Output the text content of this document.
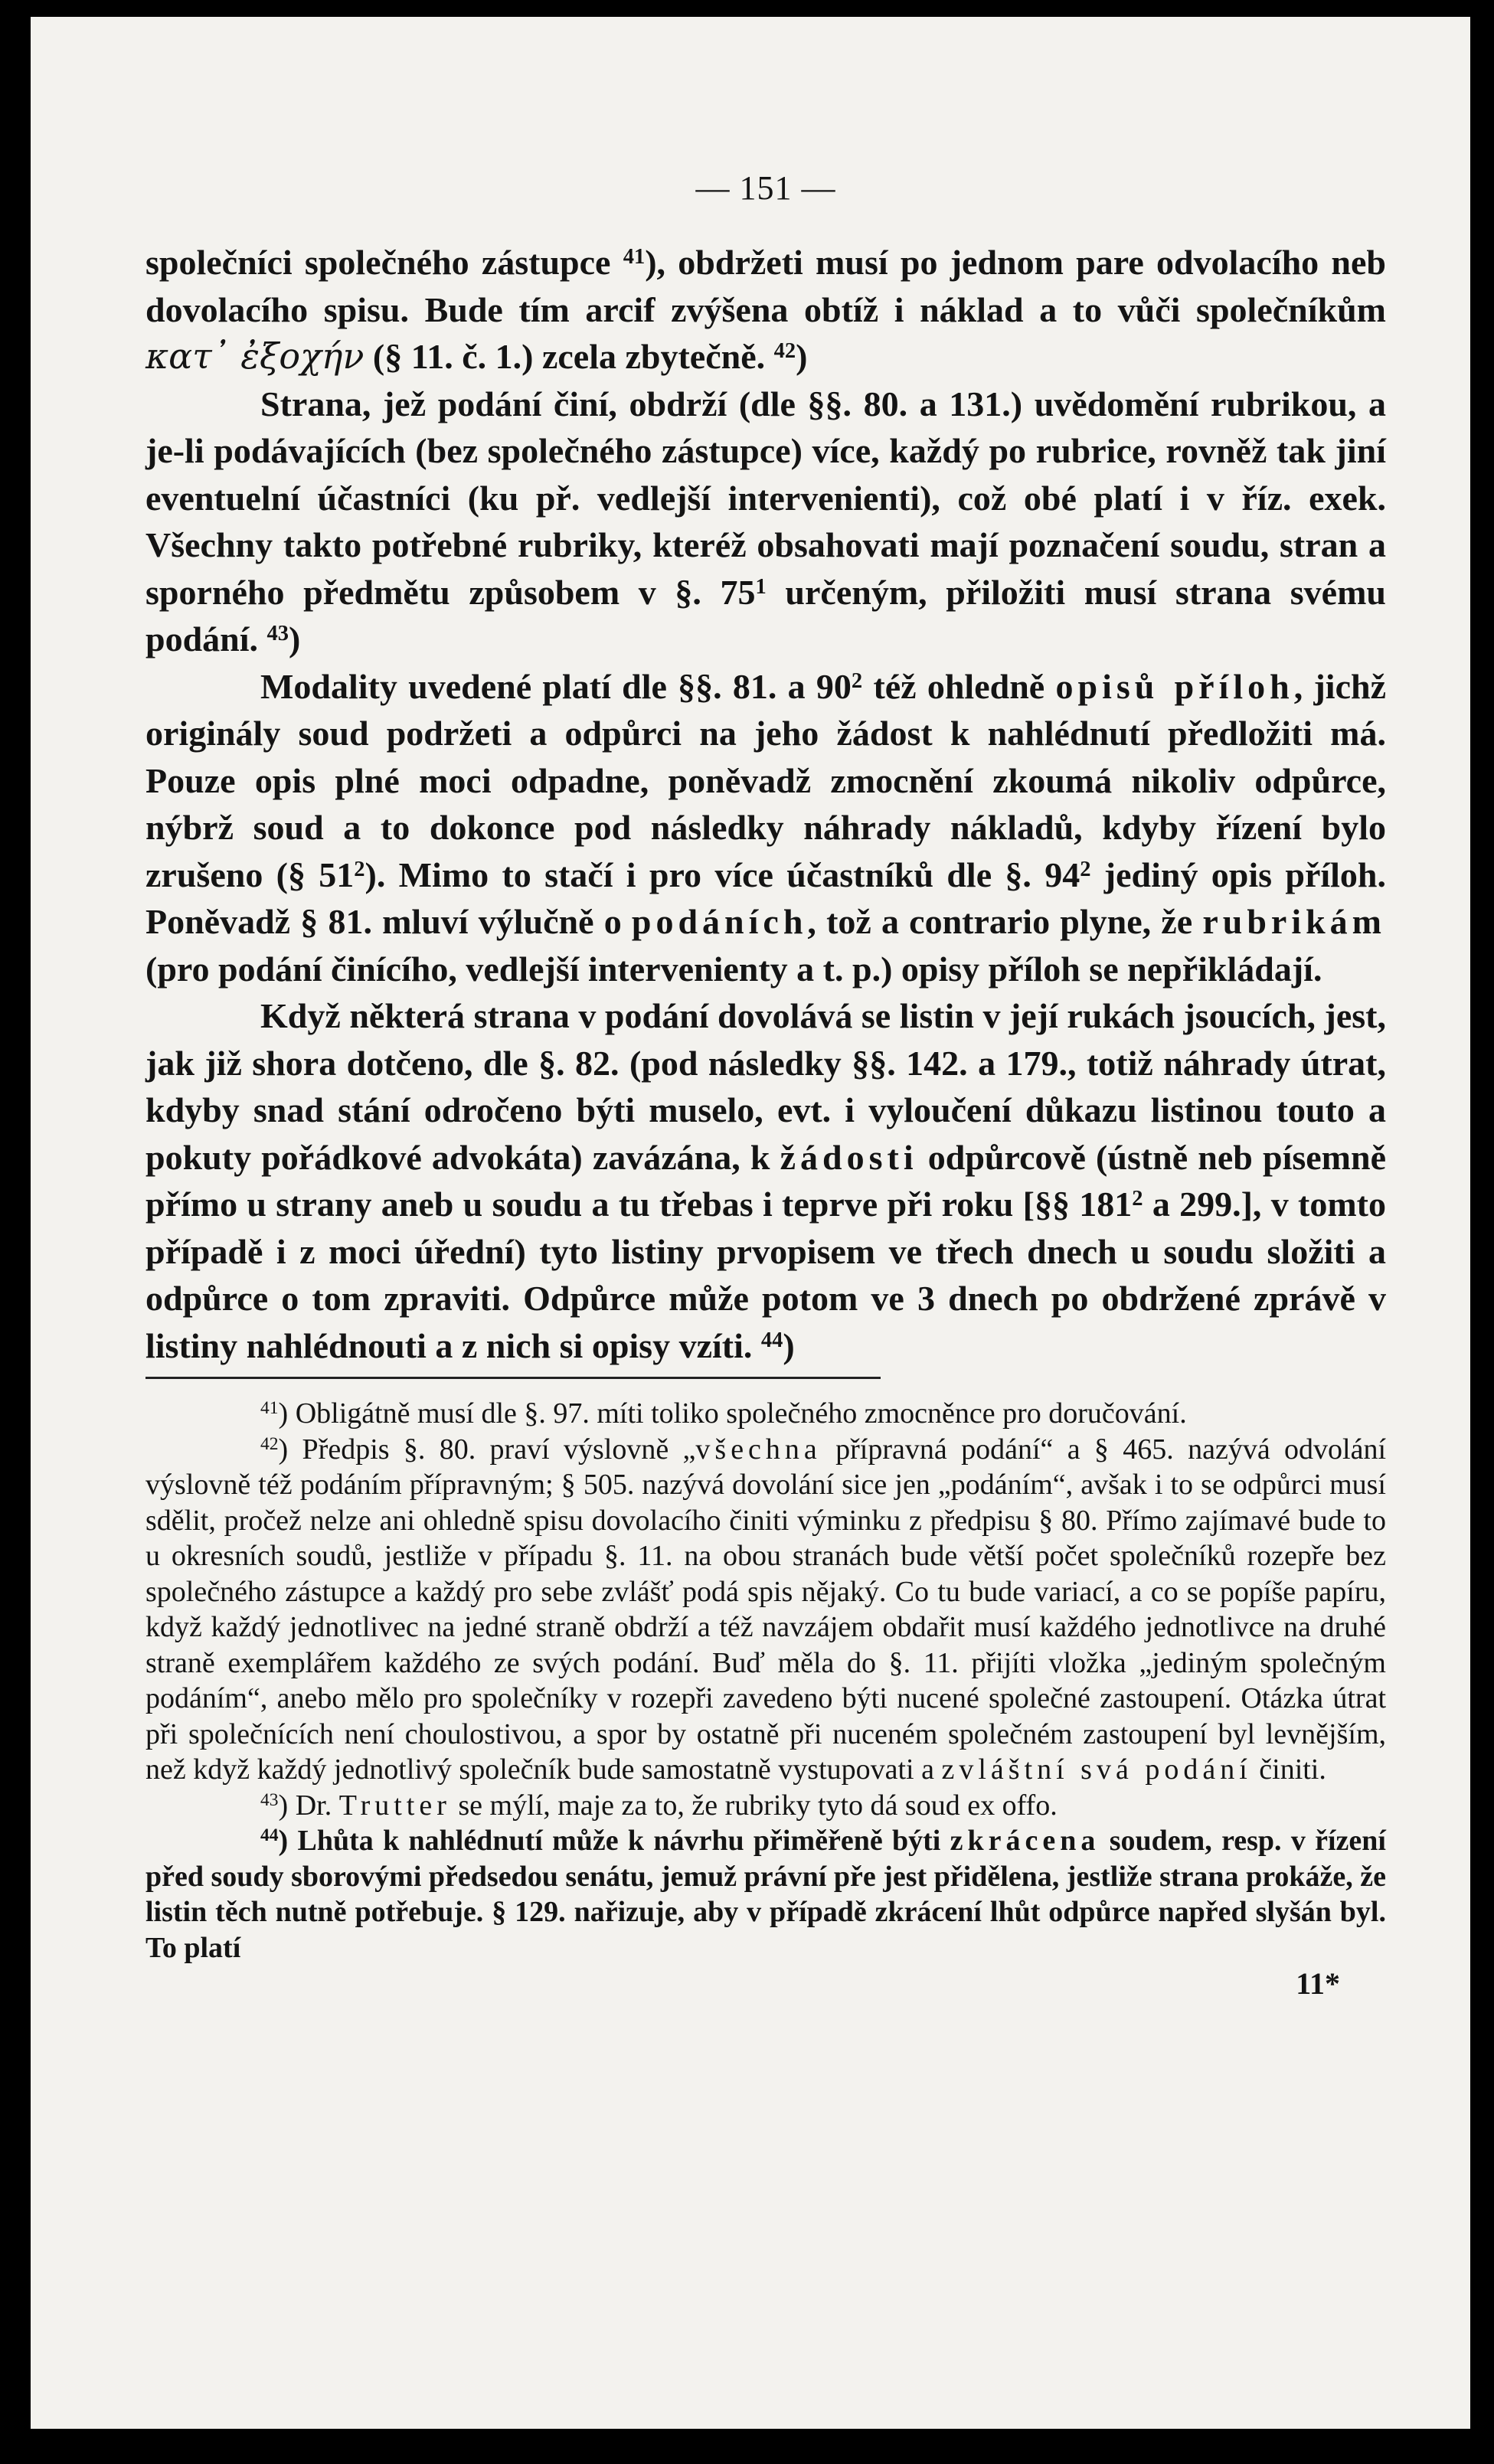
— 151 —

společníci společného zástupce $^{41}$), obdržeti musí po jednom pare odvolacího neb dovolacího spisu. Bude tím arcif zvýšena obtíž i náklad a to vůči společníkům κατ᾽ ἐξοχήν (§ 11. č. 1.) zcela zbytečně. $^{42}$)

Strana, jež podání činí, obdrží (dle §§. 80. a 131.) uvědomění rubrikou, a je-li podávajících (bez společného zástupce) více, každý po rubrice, rovněž tak jiní eventuelní účastníci (ku př. vedlejší intervenienti), což obé platí i v říz. exek. Všechny takto potřebné rubriky, kteréž obsahovati mají poznačení soudu, stran a sporného předmětu způsobem v §. $75^1$ určeným, přiložiti musí strana svému podání. $^{43}$)

Modality uvedené platí dle §§. 81. a $90^2$ též ohledně opisů příloh, jichž originály soud podržeti a odpůrci na jeho žádost k nahlédnutí předložiti má. Pouze opis plné moci odpadne, poněvadž zmocnění zkoumá nikoliv odpůrce, nýbrž soud a to dokonce pod následky náhrady nákladů, kdyby řízení bylo zrušeno (§ $51^2$). Mimo to stačí i pro více účastníků dle §. $94^2$ jediný opis příloh. Poněvadž § 81. mluví výlučně o podáních, tož a contrario plyne, že rubrikám (pro podání činícího, vedlejší intervenienty a t. p.) opisy příloh se nepřikládají.

Když některá strana v podání dovolává se listin v její rukách jsoucích, jest, jak již shora dotčeno, dle §. 82. (pod následky §§. 142. a 179., totiž náhrady útrat, kdyby snad stání odročeno býti muselo, evt. i vyloučení důkazu listinou touto a pokuty pořádkové advokáta) zavázána, k žádosti odpůrcově (ústně neb písemně přímo u strany aneb u soudu a tu třebas i teprve při roku [§§ $181^2$ a 299.], v tomto případě i z moci úřední) tyto listiny prvopisem ve třech dnech u soudu složiti a odpůrce o tom zpraviti. Odpůrce může potom ve 3 dnech po obdržené zprávě v listiny nahlédnouti a z nich si opisy vzíti. $^{44}$)

$^{41}$) Obligátně musí dle §. 97. míti toliko společného zmocněnce pro doručování.

$^{42}$) Předpis §. 80. praví výslovně „všechna přípravná podání“ a § 465. nazývá odvolání výslovně též podáním přípravným; § 505. nazývá dovolání sice jen „podáním“, avšak i to se odpůrci musí sdělit, pročež nelze ani ohledně spisu dovolacího činiti výminku z předpisu § 80. Přímo zajímavé bude to u okresních soudů, jestliže v případu §. 11. na obou stranách bude větší počet společníků rozepře bez společného zástupce a každý pro sebe zvlášť podá spis nějaký. Co tu bude variací, a co se popíše papíru, když každý jednotlivec na jedné straně obdrží a též navzájem obdařit musí každého jednotlivce na druhé straně exemplářem každého ze svých podání. Buď měla do §. 11. přijíti vložka „jediným společným podáním“, anebo mělo pro společníky v rozepři zavedeno býti nucené společné zastoupení. Otázka útrat při společnících není choulostivou, a spor by ostatně při nuceném společném zastoupení byl levnějším, než když každý jednotlivý společník bude samostatně vystupovati a zvláštní svá podání činiti.

$^{43}$) Dr. Trutter se mýlí, maje za to, že rubriky tyto dá soud ex offo.

$^{44}$) Lhůta k nahlédnutí může k návrhu přiměřeně býti zkrácena soudem, resp. v řízení před soudy sborovými předsedou senátu, jemuž právní pře jest přidělena, jestliže strana prokáže, že listin těch nutně potřebuje. § 129. nařizuje, aby v případě zkrácení lhůt odpůrce napřed slyšán byl. To platí

11*
